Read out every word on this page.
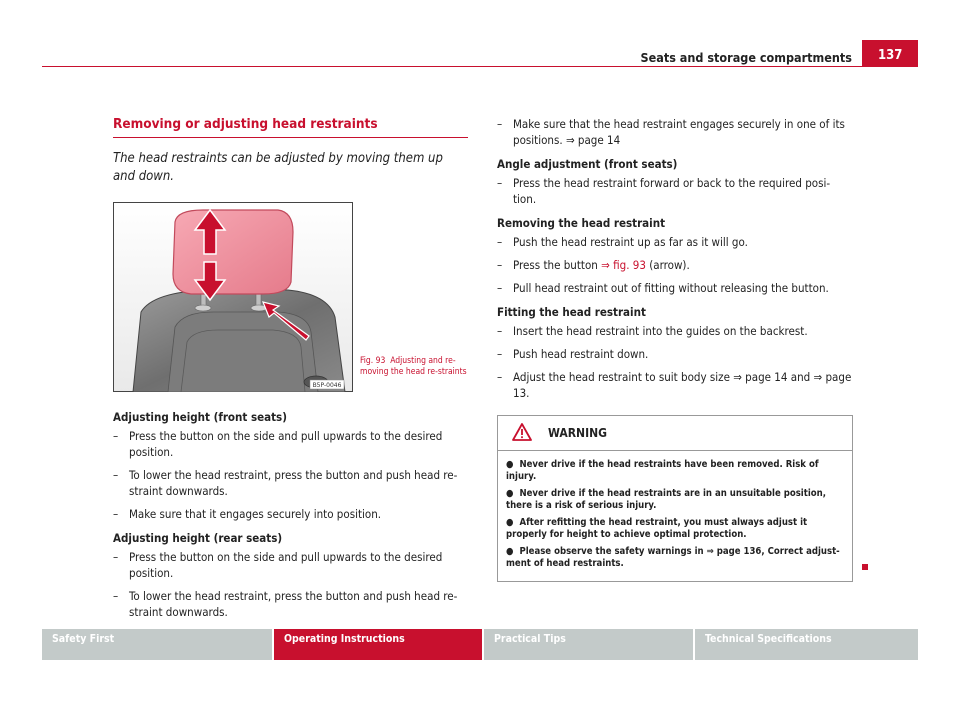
Seats and storage compartments	137
Removing or adjusting head restraints
The head restraints can be adjusted by moving them up and down.
B5P-0046
Fig. 93 Adjusting and re-moving the head re-straints
Adjusting height (front seats)
– Press the button on the side and pull upwards to the desired position.
– To lower the head restraint, press the button and push head re-straint downwards.
– Make sure that it engages securely into position.
Adjusting height (rear seats)
– Press the button on the side and pull upwards to the desired position.
– To lower the head restraint, press the button and push head re-straint downwards.
– Make sure that the head restraint engages securely in one of its positions. ⇒ page 14
Angle adjustment (front seats)
– Press the head restraint forward or back to the required posi-tion.
Removing the head restraint
– Push the head restraint up as far as it will go.
– Press the button ⇒ fig. 93 (arrow).
– Pull head restraint out of fitting without releasing the button.
Fitting the head restraint
– Insert the head restraint into the guides on the backrest.
– Push head restraint down.
– Adjust the head restraint to suit body size ⇒ page 14 and ⇒ page 13.
WARNING
● Never drive if the head restraints have been removed. Risk of injury.
● Never drive if the head restraints are in an unsuitable position, there is a risk of serious injury.
● After refitting the head restraint, you must always adjust it properly for height to achieve optimal protection.
● Please observe the safety warnings in ⇒ page 136, Correct adjust-ment of head restraints.
Safety First	Operating Instructions	Practical Tips	Technical Specifications
